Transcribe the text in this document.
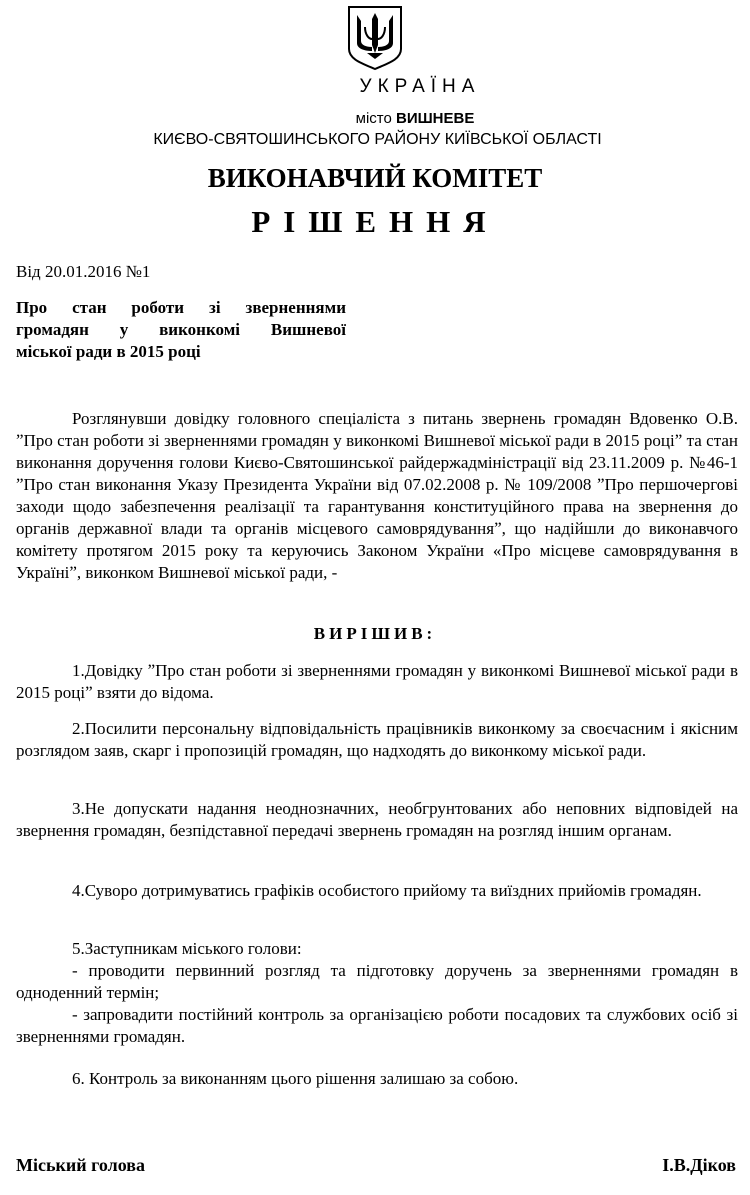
УКРАЇНА
місто ВИШНЕВЕ
КИЄВО-СВЯТОШИНСЬКОГО РАЙОНУ КИЇВСЬКОЇ ОБЛАСТІ
ВИКОНАВЧИЙ КОМІТЕТ
РІШЕННЯ
Від 20.01.2016 №1
Про стан роботи зі зверненнями
громадян у виконкомі Вишневої
міської ради в 2015 році
Розглянувши довідку головного спеціаліста з питань звернень громадян Вдовенко О.В. ˮПро стан роботи зі зверненнями громадян у виконкомі Вишневої міської ради в 2015 роціˮ та стан виконання доручення голови Києво-Святошинської райдержадміністрації від 23.11.2009 р. №46-1 ˮПро стан виконання Указу Президента України від 07.02.2008 р. № 109/2008 ˮПро першочергові заходи щодо забезпечення реалізації та гарантування конституційного права на звернення до органів державної влади та органів місцевого самоврядуванняˮ, що надійшли до виконавчого комітету протягом 2015 року та керуючись Законом України «Про місцеве самоврядування в Україніˮ, виконком Вишневої міської ради, -
ВИРІШИВ:
1.Довідку ˮПро стан роботи зі зверненнями громадян у виконкомі Вишневої міської ради в 2015 роціˮ взяти до відома.
2.Посилити персональну відповідальність працівників виконкому за своєчасним і якісним розглядом заяв, скарг і пропозицій громадян, що надходять до виконкому міської ради.
3.Не допускати надання неоднозначних, необгрунтованих або неповних відповідей на звернення громадян, безпідставної передачі звернень громадян на розгляд іншим органам.
4.Суворо дотримуватись графіків особистого прийому та виїздних прийомів громадян.
5.Заступникам міського голови:
- проводити первинний розгляд та підготовку доручень за зверненнями громадян в одноденний термін;
- запровадити постійний контроль за організацією роботи посадових та службових осіб зі зверненнями громадян.
6. Контроль за виконанням цього рішення залишаю за собою.
Міський голова	І.В.Діков
